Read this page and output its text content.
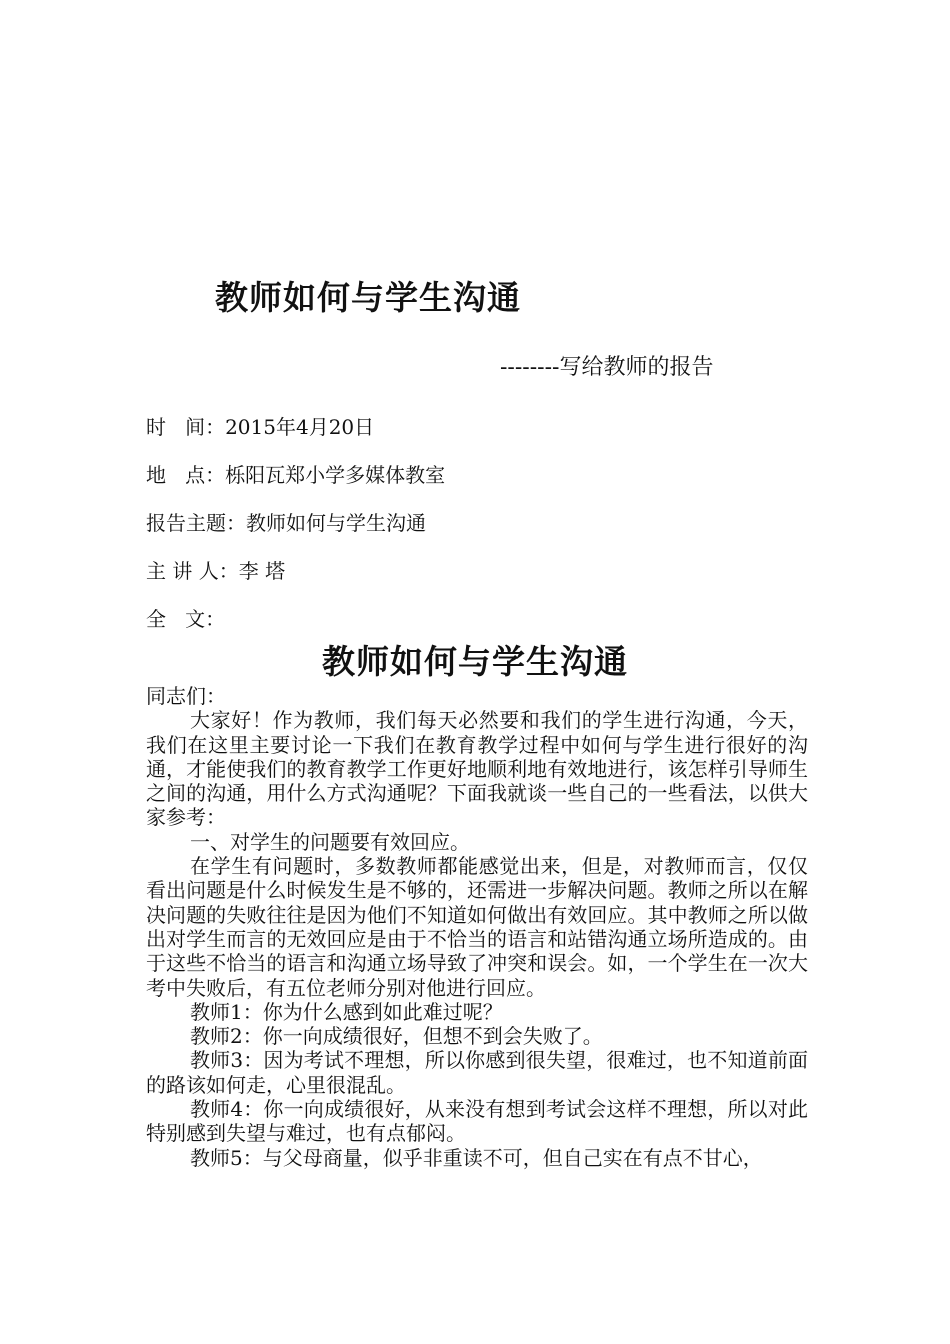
教师如何与学生沟通
--------写给教师的报告
时   间：2015年4月20日
地   点：栎阳瓦郑小学多媒体教室
报告主题：教师如何与学生沟通
主 讲 人：李 塔
全   文：
教师如何与学生沟通

同志们：

大家好！作为教师，我们每天必然要和我们的学生进行沟通，今天，我们在这里主要讨论一下我们在教育教学过程中如何与学生进行很好的沟通，才能使我们的教育教学工作更好地顺利地有效地进行，该怎样引导师生之间的沟通，用什么方式沟通呢？下面我就谈一些自己的一些看法，以供大家参考：

一、对学生的问题要有效回应。

在学生有问题时，多数教师都能感觉出来，但是，对教师而言，仅仅看出问题是什么时候发生是不够的，还需进一步解决问题。教师之所以在解决问题的失败往往是因为他们不知道如何做出有效回应。其中教师之所以做出对学生而言的无效回应是由于不恰当的语言和站错沟通立场所造成的。由于这些不恰当的语言和沟通立场导致了冲突和误会。如，一个学生在一次大考中失败后，有五位老师分别对他进行回应。

教师1：你为什么感到如此难过呢？

教师2：你一向成绩很好，但想不到会失败了。

教师3：因为考试不理想，所以你感到很失望，很难过，也不知道前面的路该如何走，心里很混乱。

教师4：你一向成绩很好，从来没有想到考试会这样不理想，所以对此特别感到失望与难过，也有点郁闷。

教师5：与父母商量，似乎非重读不可，但自己实在有点不甘心，
